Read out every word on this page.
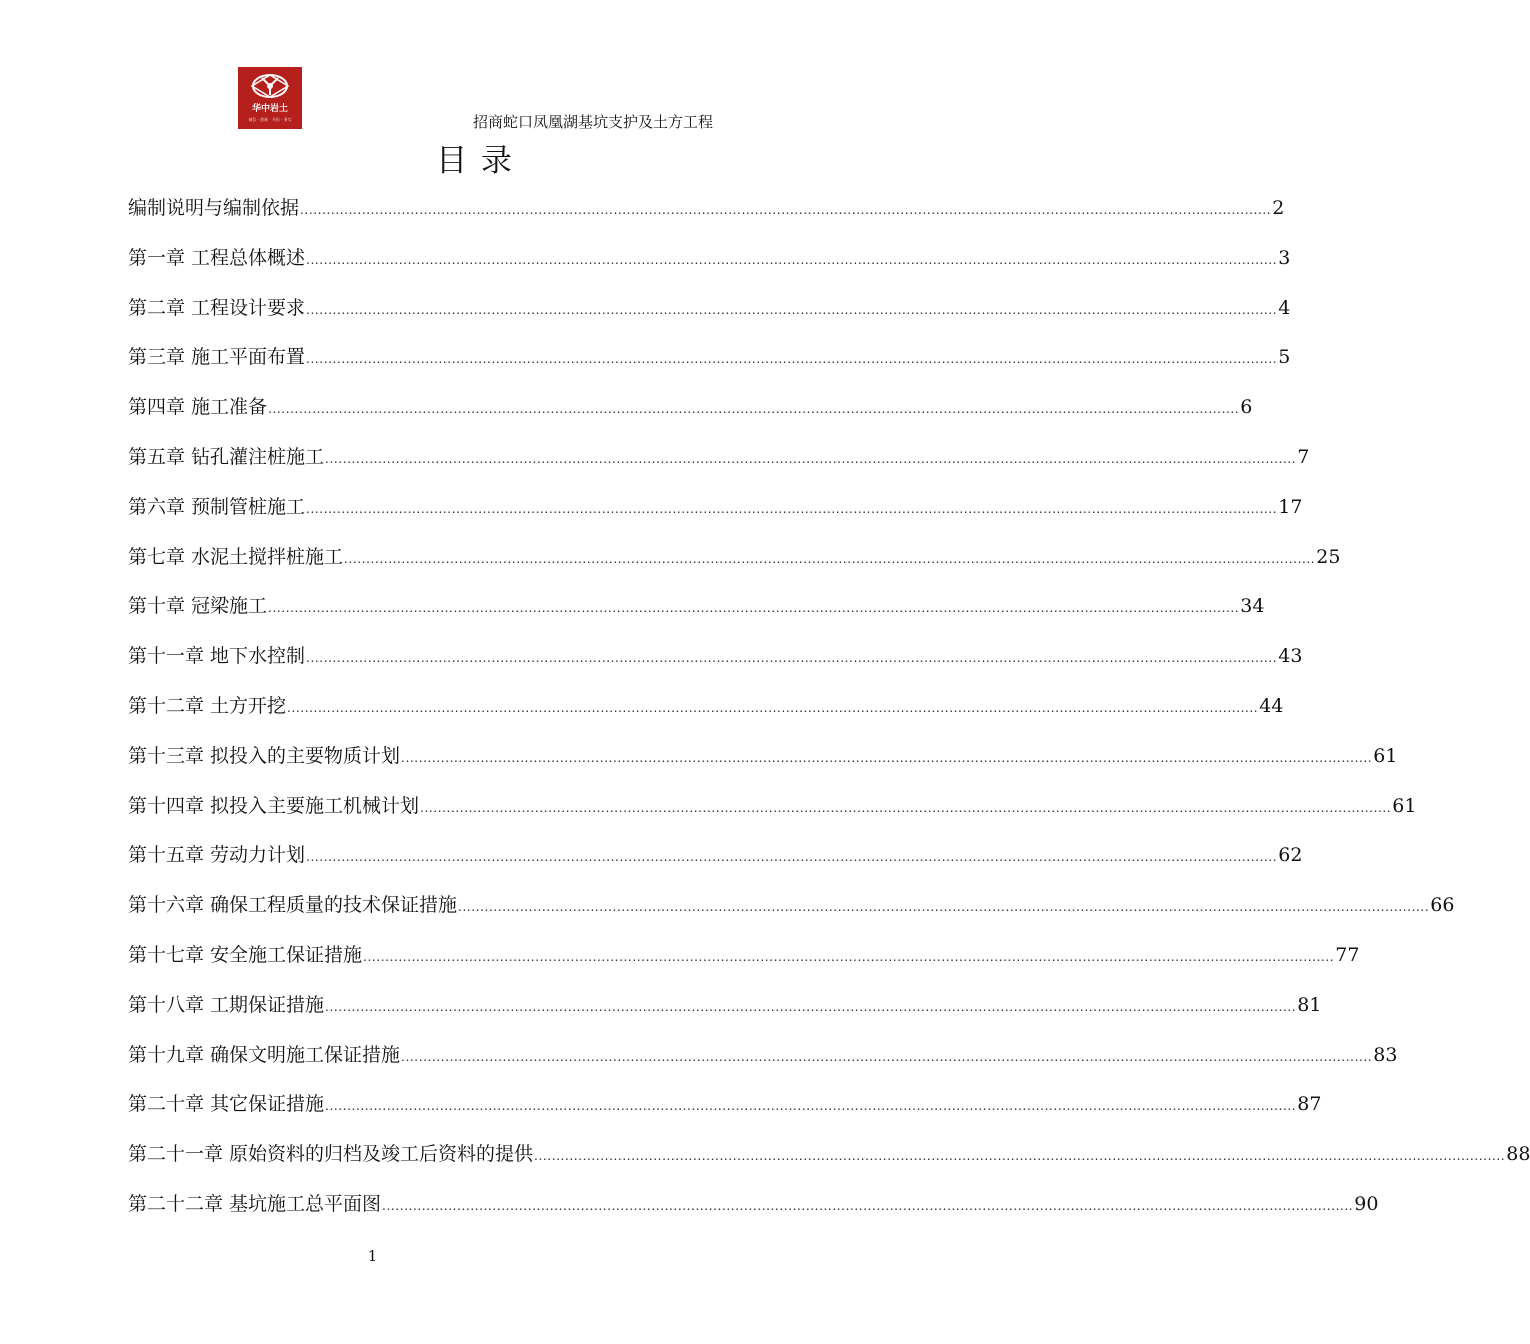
华中岩土
诚信 · 创新 · 开拓 · 务实	招商蛇口凤凰湖基坑支护及土方工程
目 录
编制说明与编制依据 ............................................................................................................................................................................................................................ 2
第一章 工程总体概述 ............................................................................................................................................................................................................................ 3
第二章 工程设计要求 ............................................................................................................................................................................................................................ 4
第三章 施工平面布置 ............................................................................................................................................................................................................................ 5
第四章 施工准备 ............................................................................................................................................................................................................................ 6
第五章 钻孔灌注桩施工 ............................................................................................................................................................................................................................ 7
第六章 预制管桩施工 ............................................................................................................................................................................................................................ 17
第七章 水泥土搅拌桩施工 ............................................................................................................................................................................................................................ 25
第十章 冠梁施工 ............................................................................................................................................................................................................................ 34
第十一章 地下水控制 ............................................................................................................................................................................................................................ 43
第十二章 土方开挖 ............................................................................................................................................................................................................................ 44
第十三章 拟投入的主要物质计划 ............................................................................................................................................................................................................................ 61
第十四章 拟投入主要施工机械计划 ............................................................................................................................................................................................................................ 61
第十五章 劳动力计划 ............................................................................................................................................................................................................................ 62
第十六章 确保工程质量的技术保证措施 ............................................................................................................................................................................................................................ 66
第十七章 安全施工保证措施 ............................................................................................................................................................................................................................ 77
第十八章 工期保证措施 ............................................................................................................................................................................................................................ 81
第十九章 确保文明施工保证措施 ............................................................................................................................................................................................................................ 83
第二十章 其它保证措施 ............................................................................................................................................................................................................................ 87
第二十一章 原始资料的归档及竣工后资料的提供 ............................................................................................................................................................................................................................ 88
第二十二章 基坑施工总平面图 ............................................................................................................................................................................................................................ 90
1
